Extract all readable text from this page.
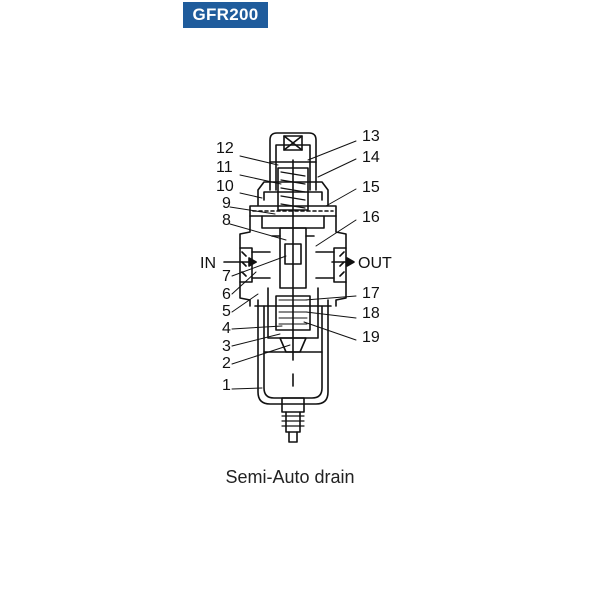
GFR200
12
11
10
9
8
7
6
5
4
3
2
1
13
14
15
16
17
18
19
IN	OUT
Semi-Auto drain
